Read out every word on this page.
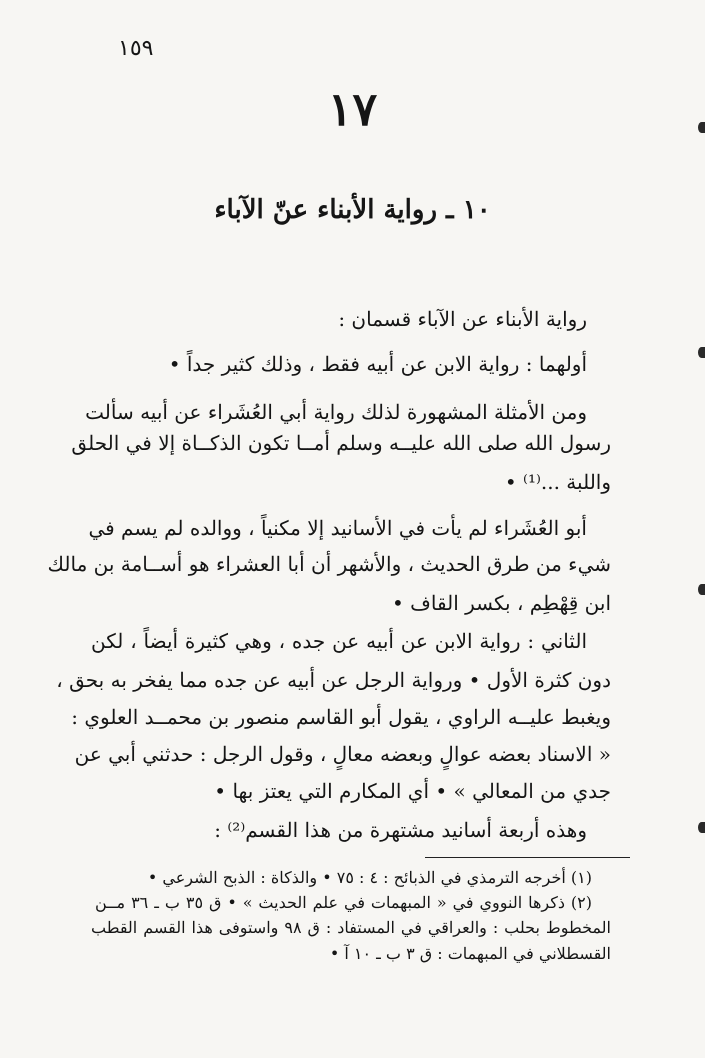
١٥٩
١٧
١٠ ـ رواية الأبناء عنّ الآباء
رواية الأبناء عن الآباء قسمان :
أولهما : رواية الابن عن أبيه فقط ، وذلك كثير جداً •
ومن الأمثلة المشهورة لذلك رواية أبي العُشَراء عن أبيه سألت
رسول الله صلى الله عليــه وسلم أمــا تكون الذكــاة إلا في الحلق
واللبة ...⁽¹⁾ •
أبو العُشَراء لم يأت في الأسانيد إلا مكنياً ، ووالده لم يسم في
شيء من طرق الحديث ، والأشهر أن أبا العشراء هو أســامة بن مالك
ابن قِهْطِم ، بكسر القاف •
الثاني : رواية الابن عن أبيه عن جده ، وهي كثيرة أيضاً ، لكن
دون كثرة الأول • ورواية الرجل عن أبيه عن جده مما يفخر به بحق ،
ويغبط عليــه الراوي ، يقول أبو القاسم منصور بن محمــد العلوي :
« الاسناد بعضه عوالٍ وبعضه معالٍ ، وقول الرجل : حدثني أبي عن
جدي من المعالي » • أي المكارم التي يعتز بها •
وهذه أربعة أسانيد مشتهرة من هذا القسم⁽²⁾ :
(١) أخرجه الترمذي في الذبائح : ٤ : ٧٥ • والذكاة : الذبح الشرعي •
(٢) ذكرها النووي في « المبهمات في علم الحديث » • ق ٣٥ ب ـ ٣٦ مــن
المخطوط بحلب : والعراقي في المستفاد : ق ٩٨ واستوفى هذا القسم القطب
القسطلاني في المبهمات : ق ٣ ب ـ ١٠ آ •
